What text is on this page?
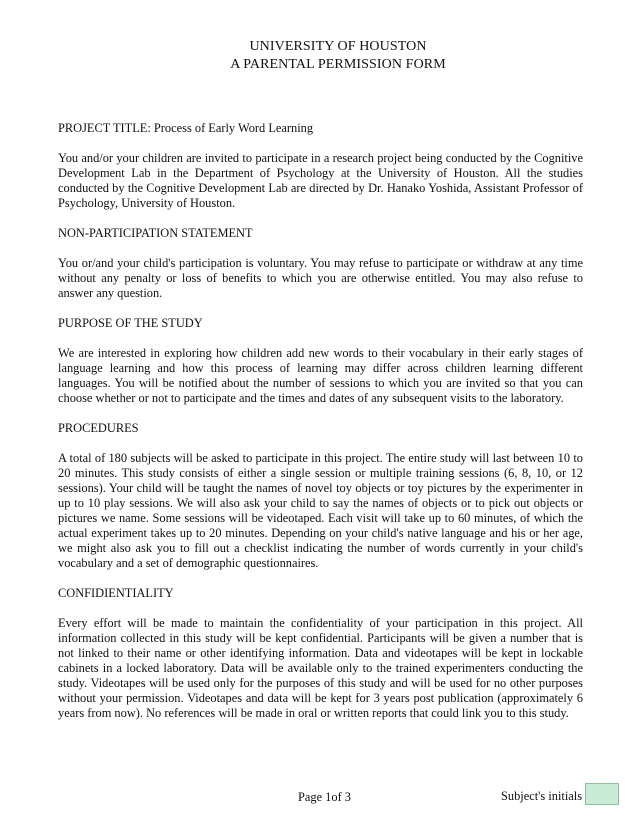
UNIVERSITY OF HOUSTON
A PARENTAL PERMISSION FORM

PROJECT TITLE: Process of Early Word Learning

You and/or your children are invited to participate in a research project being conducted by the Cognitive Development Lab in the Department of Psychology at the University of Houston. All the studies conducted by the Cognitive Development Lab are directed by Dr. Hanako Yoshida, Assistant Professor of Psychology, University of Houston.

NON-PARTICIPATION STATEMENT

You or/and your child's participation is voluntary. You may refuse to participate or withdraw at any time without any penalty or loss of benefits to which you are otherwise entitled. You may also refuse to answer any question.

PURPOSE OF THE STUDY

We are interested in exploring how children add new words to their vocabulary in their early stages of language learning and how this process of learning may differ across children learning different languages. You will be notified about the number of sessions to which you are invited so that you can choose whether or not to participate and the times and dates of any subsequent visits to the laboratory.

PROCEDURES

A total of 180 subjects will be asked to participate in this project. The entire study will last between 10 to 20 minutes. This study consists of either a single session or multiple training sessions (6, 8, 10, or 12 sessions). Your child will be taught the names of novel toy objects or toy pictures by the experimenter in up to 10 play sessions. We will also ask your child to say the names of objects or to pick out objects or pictures we name. Some sessions will be videotaped. Each visit will take up to 60 minutes, of which the actual experiment takes up to 20 minutes. Depending on your child's native language and his or her age, we might also ask you to fill out a checklist indicating the number of words currently in your child's vocabulary and a set of demographic questionnaires.

CONFIDIENTIALITY

Every effort will be made to maintain the confidentiality of your participation in this project. All information collected in this study will be kept confidential. Participants will be given a number that is not linked to their name or other identifying information. Data and videotapes will be kept in lockable cabinets in a locked laboratory. Data will be available only to the trained experimenters conducting the study. Videotapes will be used only for the purposes of this study and will be used for no other purposes without your permission. Videotapes and data will be kept for 3 years post publication (approximately 6 years from now). No references will be made in oral or written reports that could link you to this study.

Page 1of 3	Subject's initials
